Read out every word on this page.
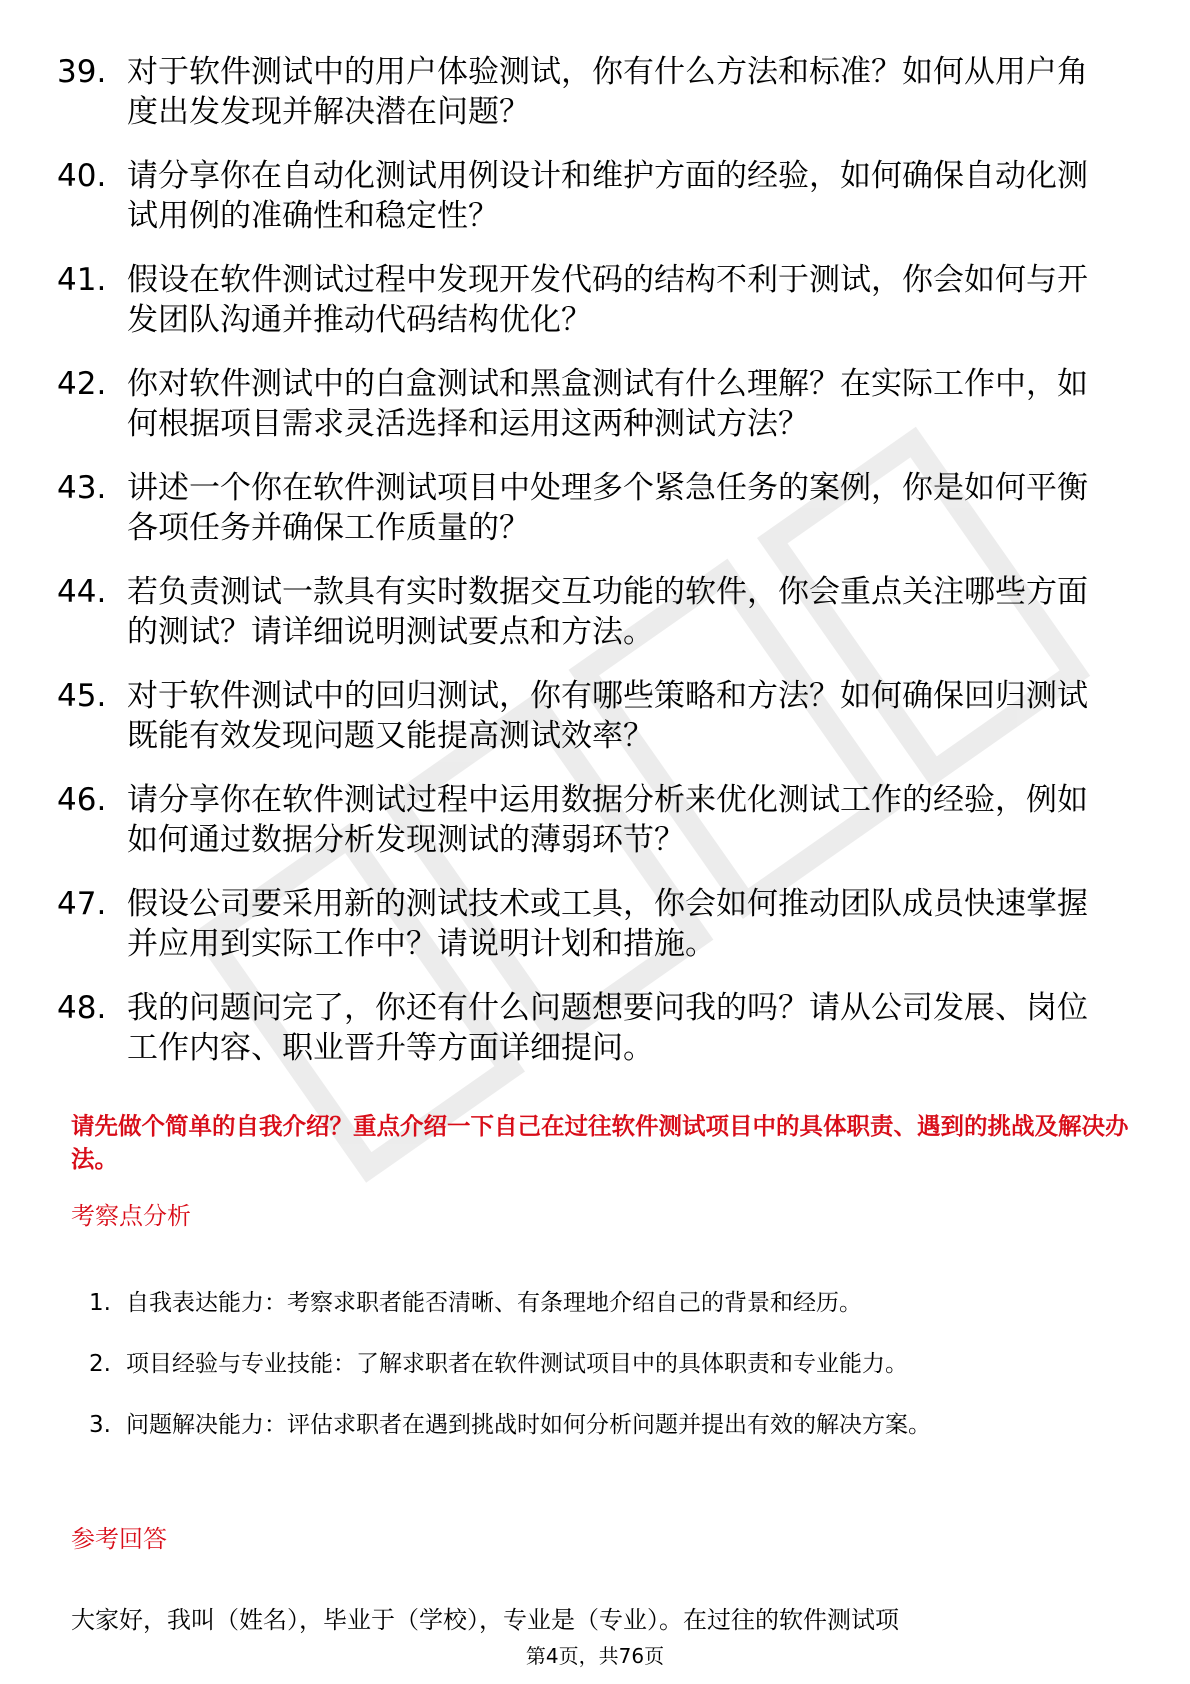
39. 对于软件测试中的用户体验测试，你有什么方法和标准？如何从用户角度出发发现并解决潜在问题？
40. 请分享你在自动化测试用例设计和维护方面的经验，如何确保自动化测试用例的准确性和稳定性？
41. 假设在软件测试过程中发现开发代码的结构不利于测试，你会如何与开发团队沟通并推动代码结构优化？
42. 你对软件测试中的白盒测试和黑盒测试有什么理解？在实际工作中，如何根据项目需求灵活选择和运用这两种测试方法？
43. 讲述一个你在软件测试项目中处理多个紧急任务的案例，你是如何平衡各项任务并确保工作质量的？
44. 若负责测试一款具有实时数据交互功能的软件，你会重点关注哪些方面的测试？请详细说明测试要点和方法。
45. 对于软件测试中的回归测试，你有哪些策略和方法？如何确保回归测试既能有效发现问题又能提高测试效率？
46. 请分享你在软件测试过程中运用数据分析来优化测试工作的经验，例如如何通过数据分析发现测试的薄弱环节？
47. 假设公司要采用新的测试技术或工具，你会如何推动团队成员快速掌握并应用到实际工作中？请说明计划和措施。
48. 我的问题问完了，你还有什么问题想要问我的吗？请从公司发展、岗位工作内容、职业晋升等方面详细提问。
请先做个简单的自我介绍？重点介绍一下自己在过往软件测试项目中的具体职责、遇到的挑战及解决办法。
考察点分析
1. 自我表达能力：考察求职者能否清晰、有条理地介绍自己的背景和经历。
2. 项目经验与专业技能：了解求职者在软件测试项目中的具体职责和专业能力。
3. 问题解决能力：评估求职者在遇到挑战时如何分析问题并提出有效的解决方案。
参考回答
大家好，我叫（姓名），毕业于（学校），专业是（专业）。在过往的软件测试项
第4页，共76页
